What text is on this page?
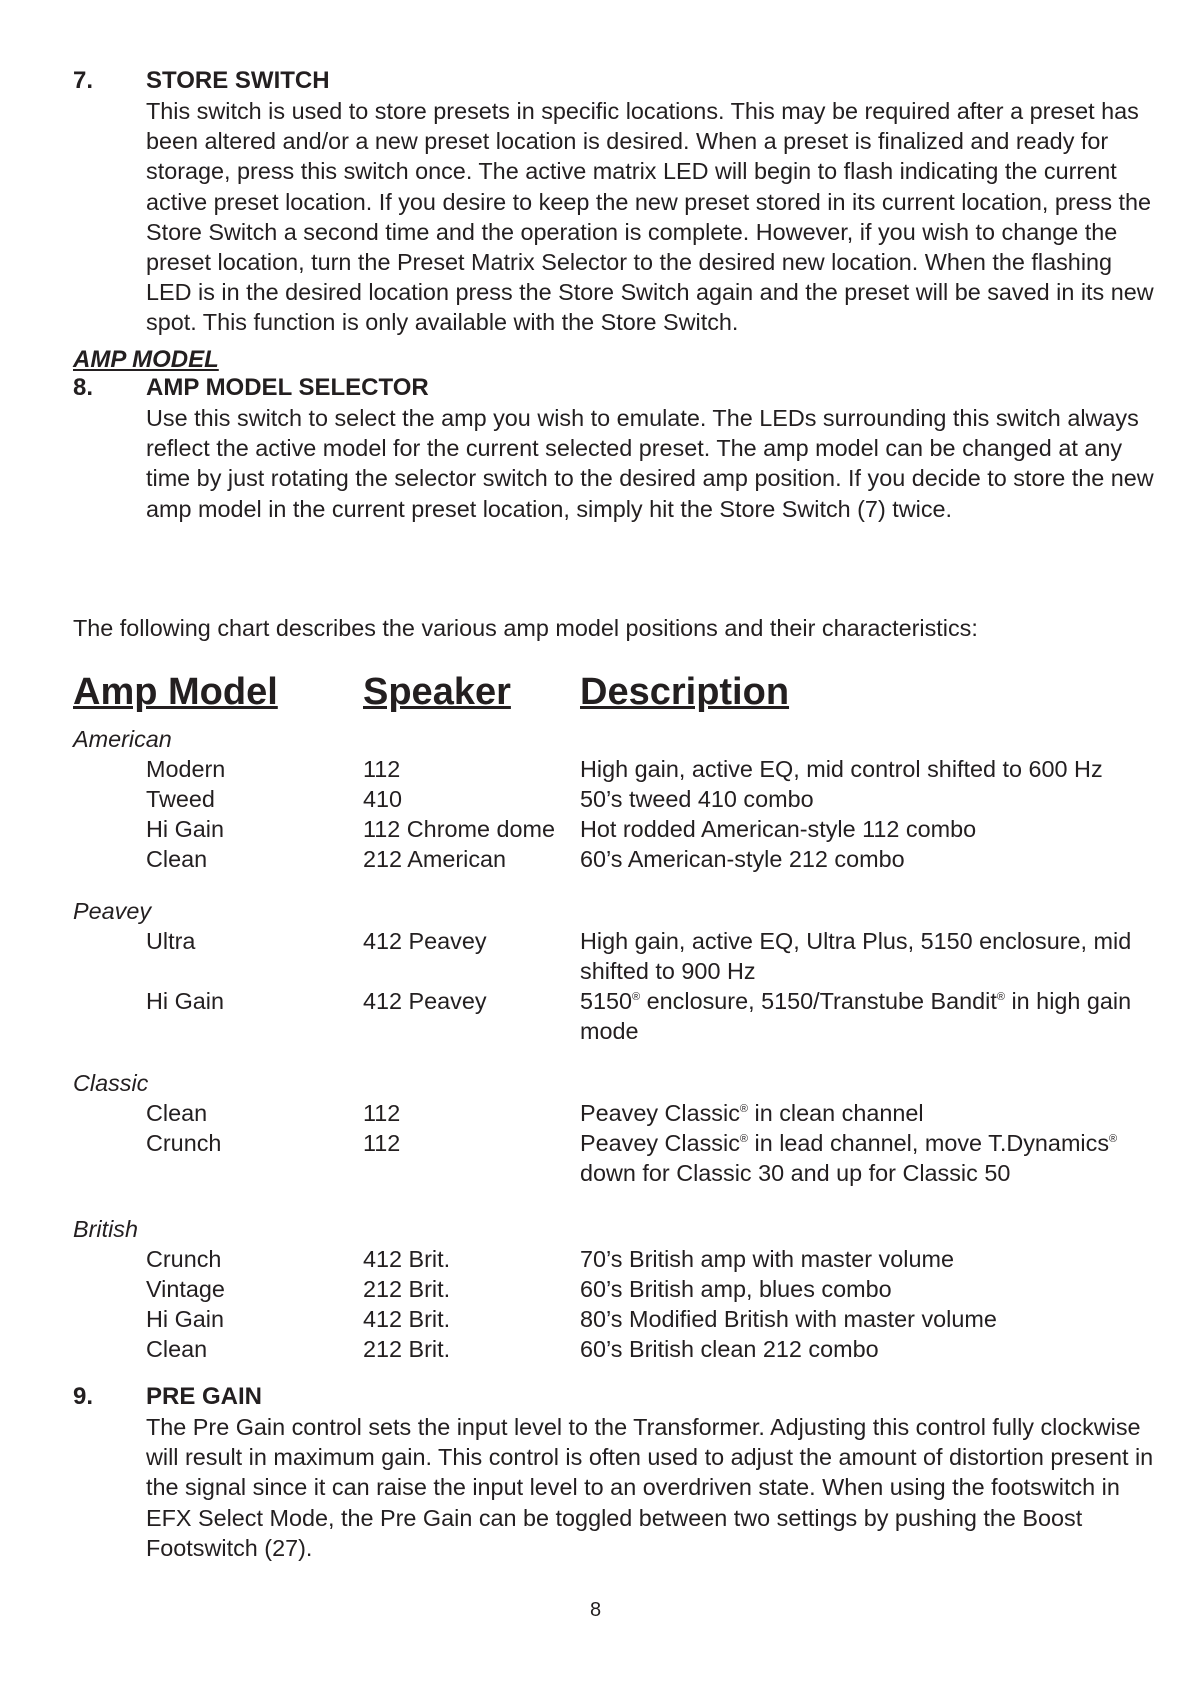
7. STORE SWITCH

This switch is used to store presets in specific locations. This may be required after a preset has been altered and/or a new preset location is desired. When a preset is finalized and ready for storage, press this switch once. The active matrix LED will begin to flash indicating the current active preset location. If you desire to keep the new preset stored in its current location, press the Store Switch a second time and the operation is complete. However, if you wish to change the preset location, turn the Preset Matrix Selector to the desired new location. When the flashing LED is in the desired location press the Store Switch again and the preset will be saved in its new spot. This function is only available with the Store Switch.

AMP MODEL
8. AMP MODEL SELECTOR

Use this switch to select the amp you wish to emulate. The LEDs surrounding this switch always reflect the active model for the current selected preset. The amp model can be changed at any time by just rotating the selector switch to the desired amp position. If you decide to store the new amp model in the current preset location, simply hit the Store Switch (7) twice.

The following chart describes the various amp model positions and their characteristics:
Amp Model Speaker Description
American
Modern	112	High gain, active EQ, mid control shifted to 600 Hz
Tweed	410	50’s tweed 410 combo
Hi Gain	112 Chrome dome	Hot rodded American-style 112 combo
Clean	212 American	60’s American-style 212 combo
Peavey
Ultra	412 Peavey	High gain, active EQ, Ultra Plus, 5150 enclosure, mid shifted to 900 Hz
Hi Gain	412 Peavey	5150® enclosure, 5150/Transtube Bandit® in high gain mode
Classic
Clean	112	Peavey Classic® in clean channel
Crunch	112	Peavey Classic® in lead channel, move T.Dynamics® down for Classic 30 and up for Classic 50
British
Crunch	412 Brit.	70’s British amp with master volume
Vintage	212 Brit.	60’s British amp, blues combo
Hi Gain	412 Brit.	80’s Modified British with master volume
Clean	212 Brit.	60’s British clean 212 combo
9. PRE GAIN

The Pre Gain control sets the input level to the Transformer. Adjusting this control fully clockwise will result in maximum gain. This control is often used to adjust the amount of distortion present in the signal since it can raise the input level to an overdriven state. When using the footswitch in EFX Select Mode, the Pre Gain can be toggled between two settings by pushing the Boost Footswitch (27).

8
